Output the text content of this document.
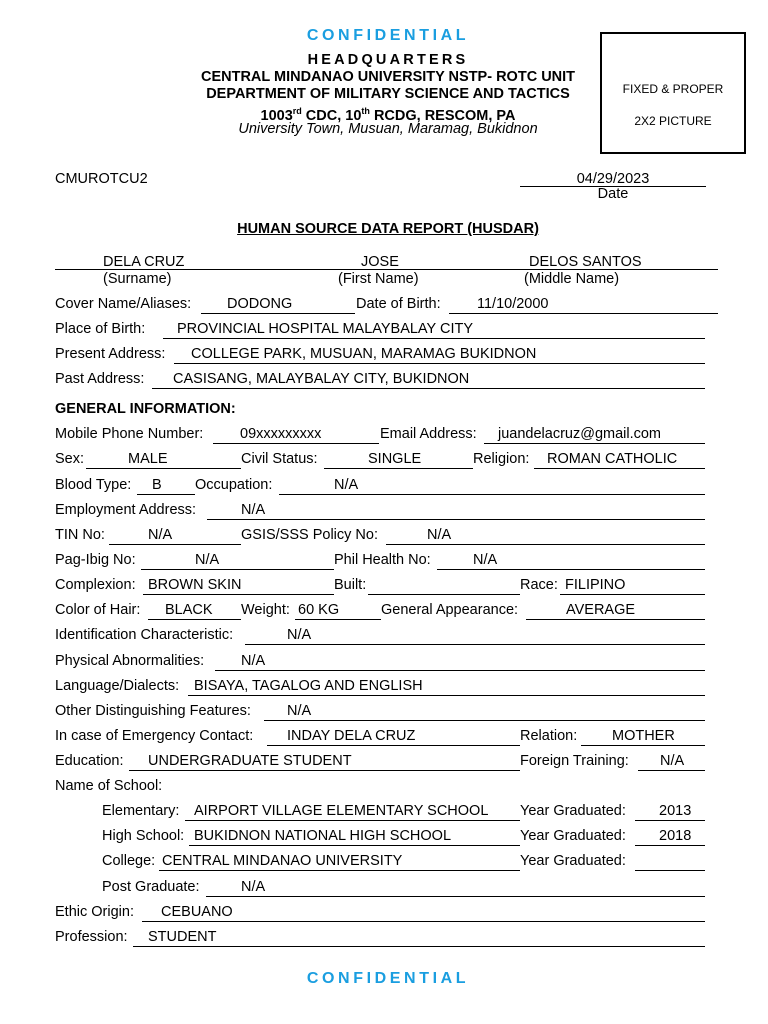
CONFIDENTIAL
HEADQUARTERS
CENTRAL MINDANAO UNIVERSITY NSTP- ROTC UNIT
DEPARTMENT OF MILITARY SCIENCE AND TACTICS
1003rd CDC, 10th RCDG, RESCOM, PA
University Town, Musuan, Maramag, Bukidnon
FIXED & PROPER
2X2 PICTURE
CMUROTCU2	04/29/2023
Date
HUMAN SOURCE DATA REPORT (HUSDAR)
DELA CRUZ	JOSE	DELOS SANTOS
(Surname)	(First Name)	(Middle Name)
Cover Name/Aliases: DODONG	Date of Birth:	11/10/2000
Place of Birth: PROVINCIAL HOSPITAL MALAYBALAY CITY
Present Address: COLLEGE PARK, MUSUAN, MARAMAG BUKIDNON
Past Address: CASISANG, MALAYBALAY CITY, BUKIDNON
GENERAL INFORMATION:
Mobile Phone Number:	09xxxxxxxxx	Email Address: juandelacruz@gmail.com
Sex:	MALE	Civil Status:	SINGLE	Religion: ROMAN CATHOLIC
Blood Type: B Occupation:	N/A
Employment Address:	N/A
TIN No:	N/A	GSIS/SSS Policy No:	N/A
Pag-Ibig No:	N/A	Phil Health No:	N/A
Complexion: BROWN SKIN	Built:	Race: FILIPINO
Color of Hair: BLACK Weight: 60 KG	General Appearance:	AVERAGE
Identification Characteristic:	N/A
Physical Abnormalities:	N/A
Language/Dialects: BISAYA, TAGALOG AND ENGLISH
Other Distinguishing Features: N/A
In case of Emergency Contact: INDAY DELA CRUZ	Relation: MOTHER
Education: UNDERGRADUATE STUDENT	Foreign Training: N/A
Name of School:
Elementary: AIRPORT VILLAGE ELEMENTARY SCHOOL Year Graduated: 2013
High School: BUKIDNON NATIONAL HIGH SCHOOL	Year Graduated: 2018
College: CENTRAL MINDANAO UNIVERSITY	Year Graduated:
Post Graduate:	N/A
Ethic Origin: CEBUANO
Profession: STUDENT
CONFIDENTIAL
